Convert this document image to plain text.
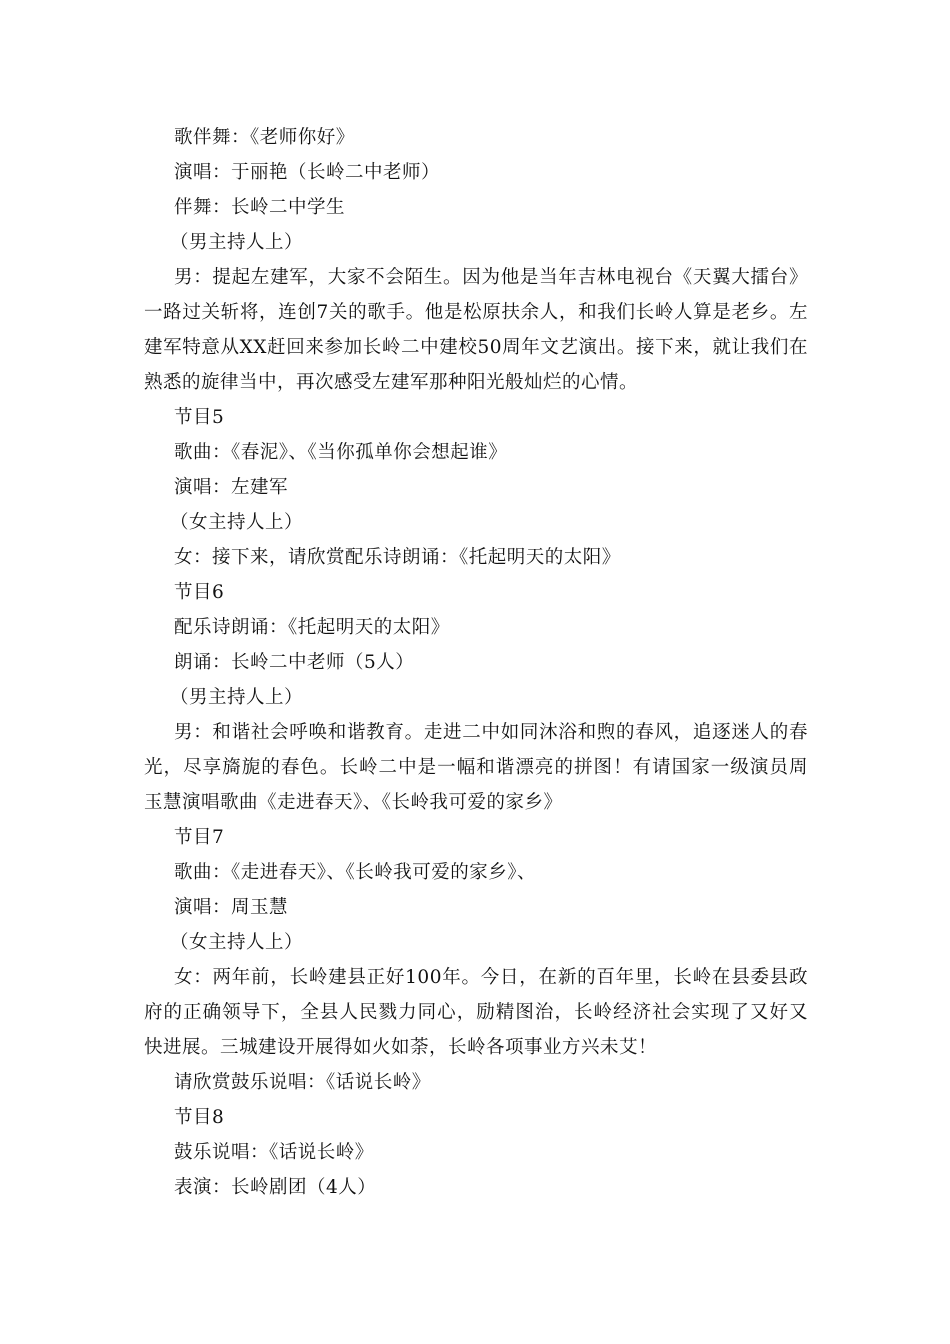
歌伴舞：《老师你好》

演唱：于丽艳（长岭二中老师）

伴舞：长岭二中学生

（男主持人上）

男：提起左建军，大家不会陌生。因为他是当年吉林电视台《天翼大擂台》一路过关斩将，连创7关的歌手。他是松原扶余人，和我们长岭人算是老乡。左建军特意从XX赶回来参加长岭二中建校50周年文艺演出。接下来，就让我们在熟悉的旋律当中，再次感受左建军那种阳光般灿烂的心情。

节目5

歌曲：《春泥》、《当你孤单你会想起谁》

演唱：左建军

（女主持人上）

女：接下来，请欣赏配乐诗朗诵：《托起明天的太阳》

节目6

配乐诗朗诵：《托起明天的太阳》

朗诵：长岭二中老师（5人）

（男主持人上）

男：和谐社会呼唤和谐教育。走进二中如同沐浴和煦的春风，追逐迷人的春光，尽享旖旎的春色。长岭二中是一幅和谐漂亮的拼图！有请国家一级演员周玉慧演唱歌曲《走进春天》、《长岭我可爱的家乡》

节目7

歌曲：《走进春天》、《长岭我可爱的家乡》、

演唱：周玉慧

（女主持人上）

女：两年前，长岭建县正好100年。今日，在新的百年里，长岭在县委县政府的正确领导下，全县人民戮力同心，励精图治，长岭经济社会实现了又好又快进展。三城建设开展得如火如荼，长岭各项事业方兴未艾！

请欣赏鼓乐说唱：《话说长岭》

节目8

鼓乐说唱：《话说长岭》

表演：长岭剧团（4人）
